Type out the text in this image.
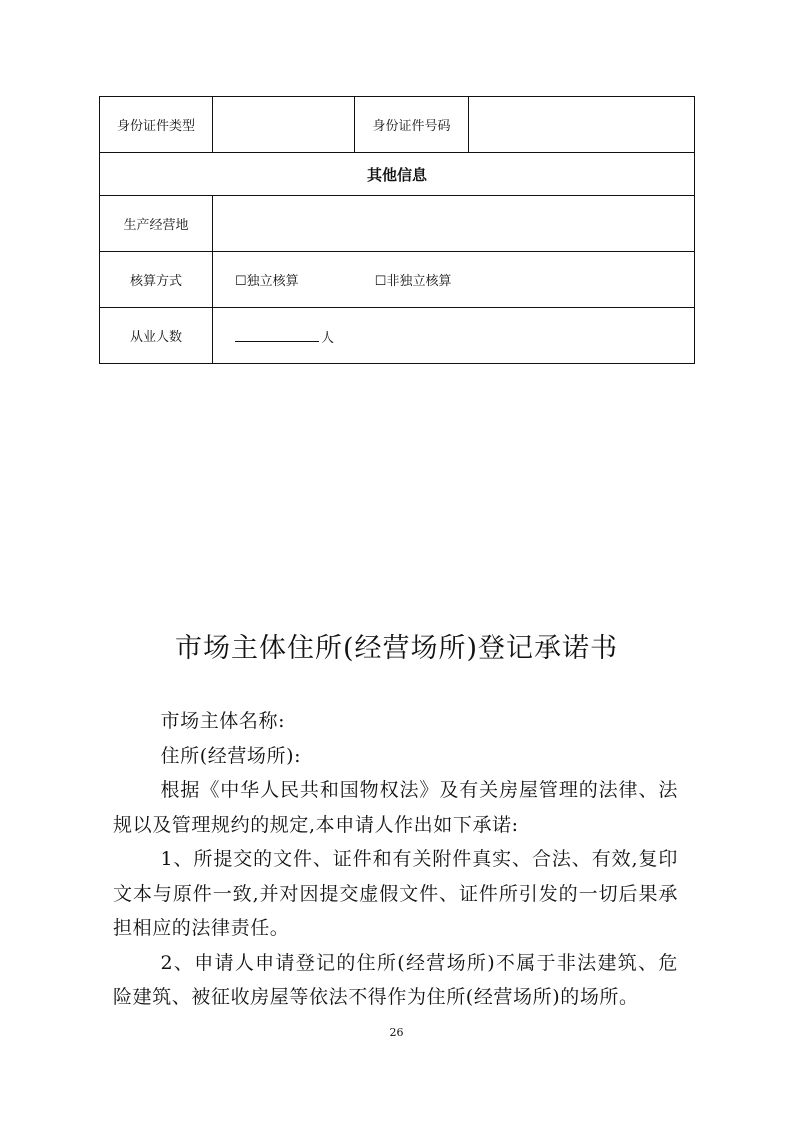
身份证件类型		身份证件号码	
其他信息			
生产经营地			
核算方式	☐独立核算 ☐非独立核算		
从业人数	人		
市场主体住所(经营场所)登记承诺书

市场主体名称:

住所(经营场所):

根据《中华人民共和国物权法》及有关房屋管理的法律、法规以及管理规约的规定,本申请人作出如下承诺:

1、所提交的文件、证件和有关附件真实、合法、有效,复印文本与原件一致,并对因提交虚假文件、证件所引发的一切后果承担相应的法律责任。

2、申请人申请登记的住所(经营场所)不属于非法建筑、危险建筑、被征收房屋等依法不得作为住所(经营场所)的场所。

26
